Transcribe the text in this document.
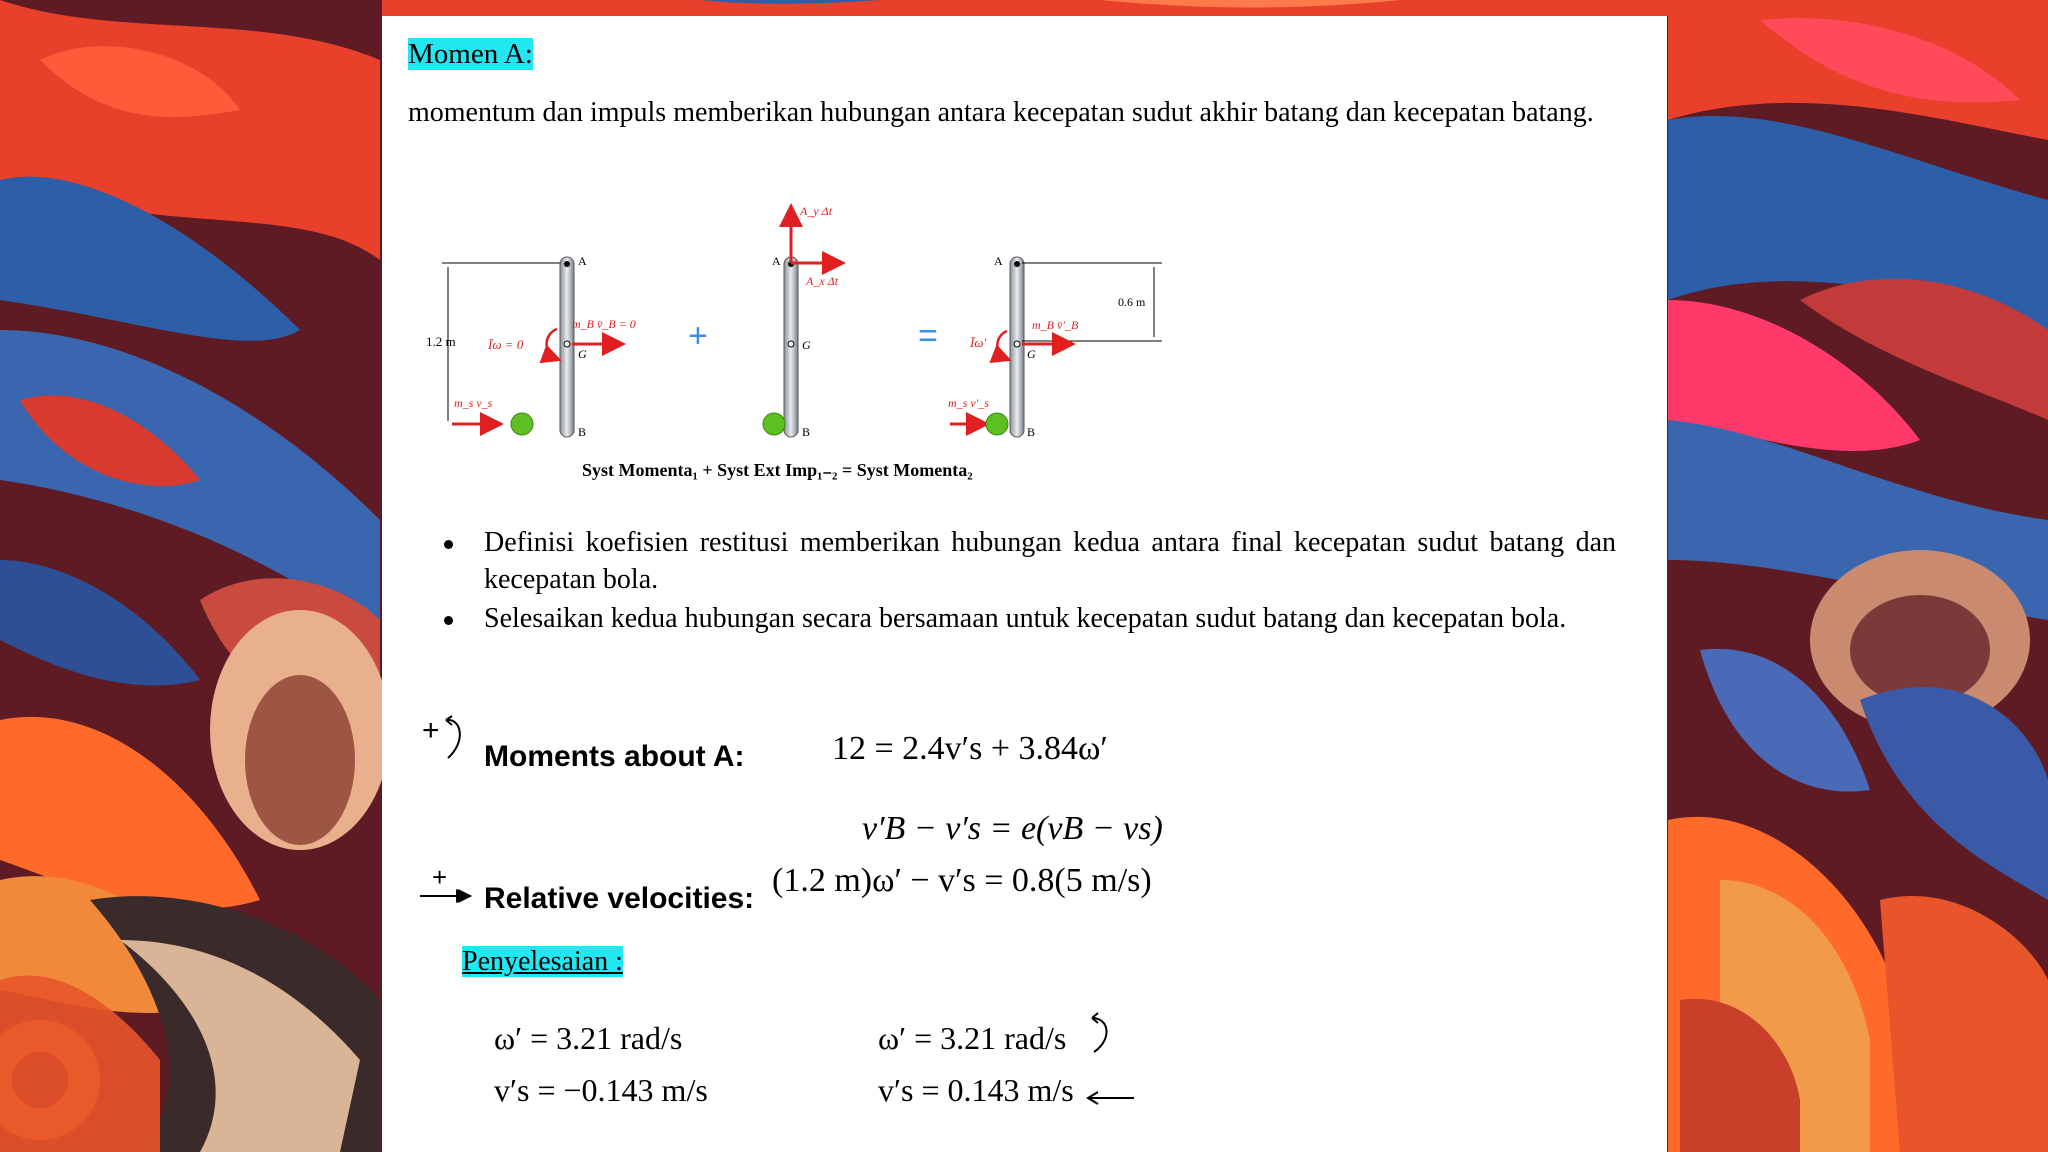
Momen A:
momentum dan impuls memberikan hubungan antara kecepatan sudut akhir batang dan kecepatan batang.
1.2 m
A
G
B
m_B v̄_B = 0
Īω = 0
m_s v_s
+
A
A_y Δt
A_x Δt
G
B
=
A
0.6 m
G
B
m_B v̄′_B
Īω′
m_s v′_s
Syst Momenta₁ + Syst Ext Imp₁₋₂ = Syst Momenta₂
Definisi koefisien restitusi memberikan hubungan kedua antara final kecepatan sudut batang dan kecepatan bola.
Selesaikan kedua hubungan secara bersamaan untuk kecepatan sudut batang dan kecepatan bola.
+
Moments about A:	12 = 2.4v′s + 3.84ω′
v′B − v′s = e(vB − vs)
+
Relative velocities: (1.2 m)ω′ − v′s = 0.8(5 m/s)
Penyelesaian :
ω′ = 3.21 rad/s
v′s = −0.143 m/s
ω′ = 3.21 rad/s
v′s = 0.143 m/s
